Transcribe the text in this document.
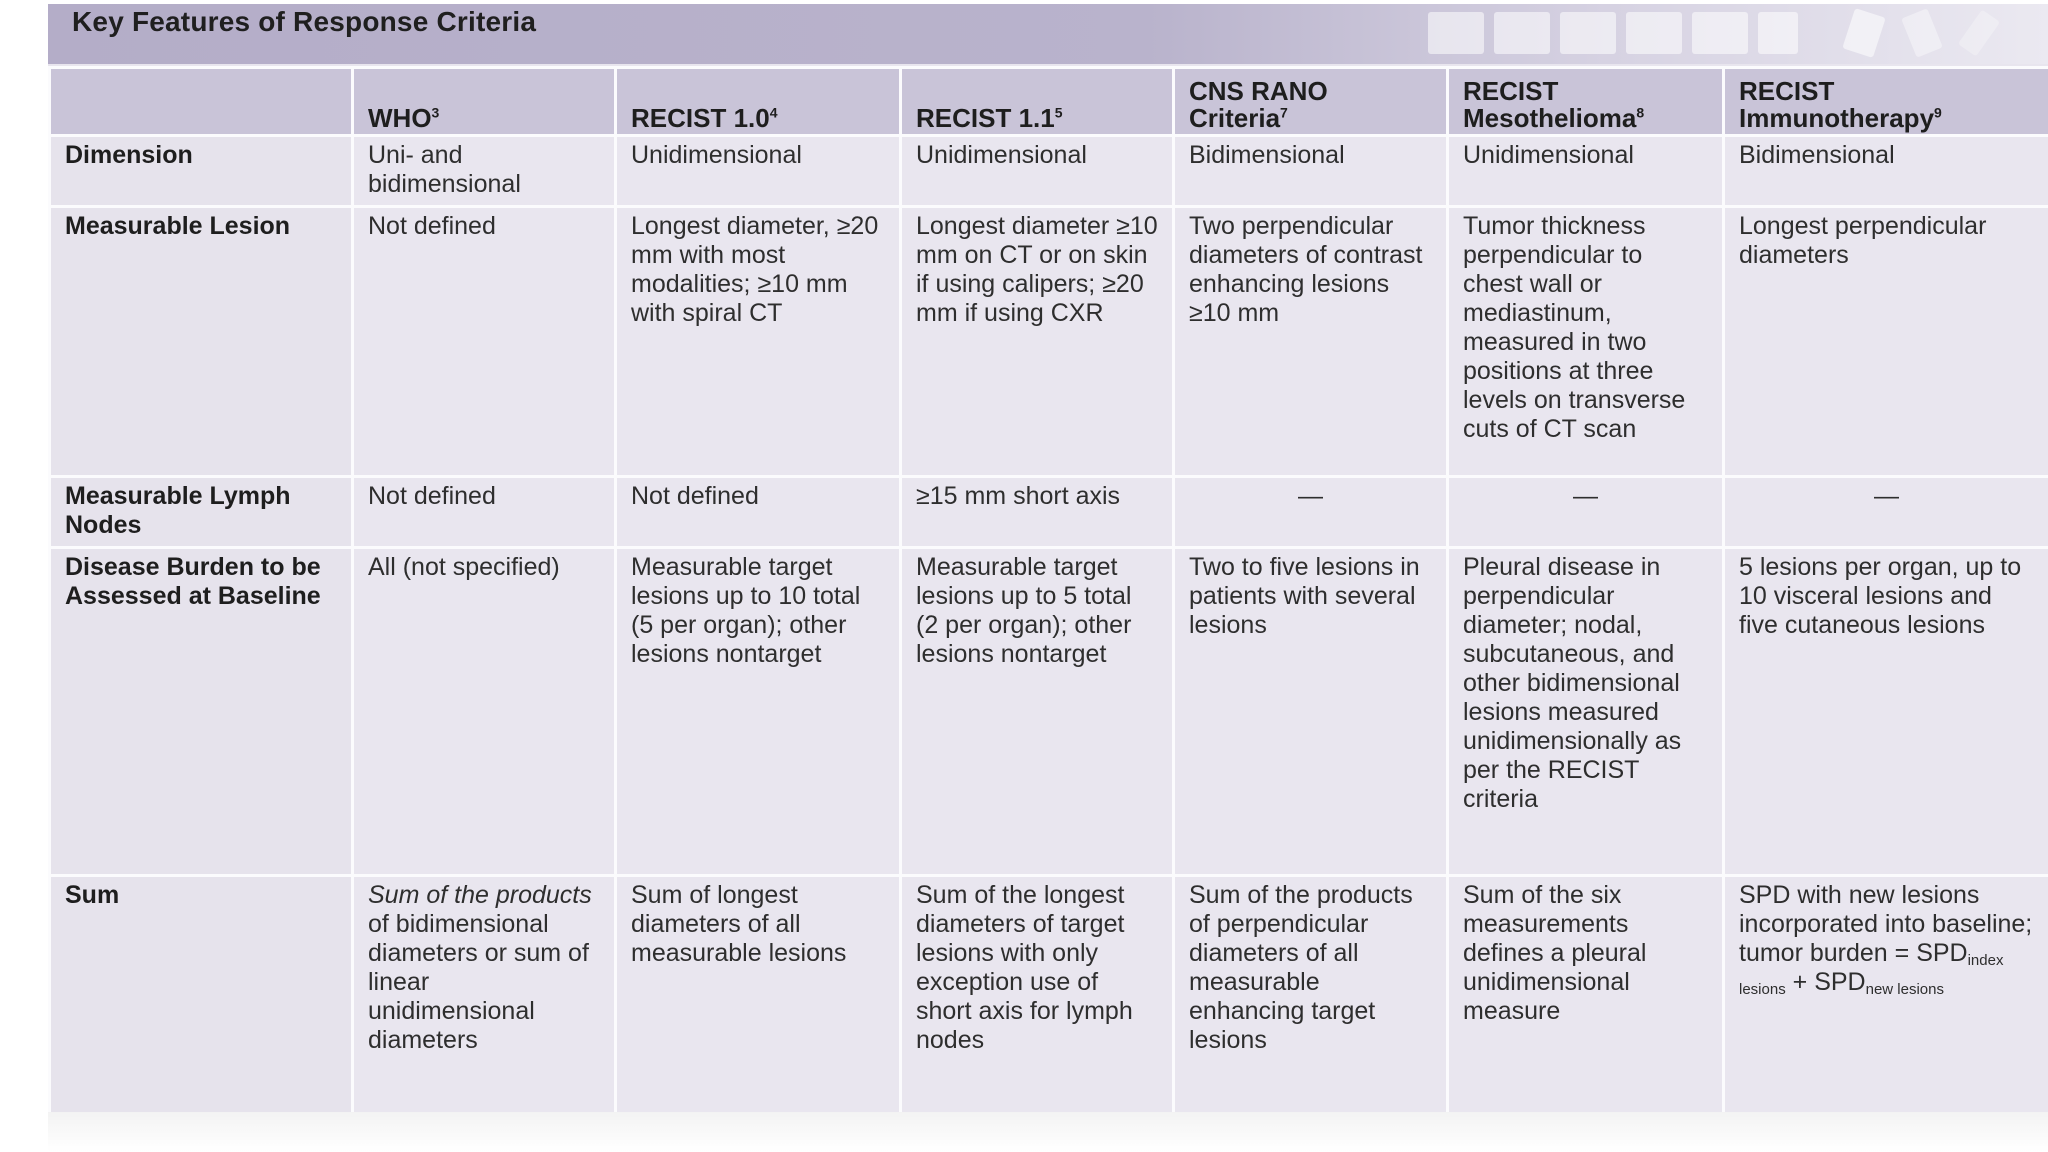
Key Features of Response Criteria
	WHO$^3$	RECIST $1.0^4$	RECIST $1.1^5$	CNS RANO Criteria$^7$	RECIST Mesothelioma$^8$	RECIST Immunotherapy$^9$
Dimension	Uni- and bidimensional	Unidimensional	Unidimensional	Bidimensional	Unidimensional	Bidimensional
Measurable Lesion	Not defined	Longest diameter, ≥20 mm with most modalities; ≥10 mm with spiral CT	Longest diameter ≥10 mm on CT or on skin if using calipers; ≥20 mm if using CXR	Two perpendicular diameters of contrast enhancing lesions ≥10 mm	Tumor thickness perpendicular to chest wall or mediastinum, measured in two positions at three levels on transverse cuts of CT scan	Longest perpendicular diameters
Measurable Lymph Nodes	Not defined	Not defined	≥15 mm short axis	—	—	—
Disease Burden to be Assessed at Baseline	All (not specified)	Measurable target lesions up to 10 total (5 per organ); other lesions nontarget	Measurable target lesions up to 5 total (2 per organ); other lesions nontarget	Two to five lesions in patients with several lesions	Pleural disease in perpendicular diameter; nodal, subcutaneous, and other bidimensional lesions measured unidimensionally as per the RECIST criteria	5 lesions per organ, up to 10 visceral lesions and five cutaneous lesions
Sum	Sum of the products of bidimensional diameters or sum of linear unidimensional diameters	Sum of longest diameters of all measurable lesions	Sum of the longest diameters of target lesions with only exception use of short axis for lymph nodes	Sum of the products of perpendicular diameters of all measurable enhancing target lesions	Sum of the six measurements defines a pleural unidimensional measure	SPD with new lesions incorporated into baseline; tumor burden = $SPD_{index lesions} + SPD_{new lesions}$
